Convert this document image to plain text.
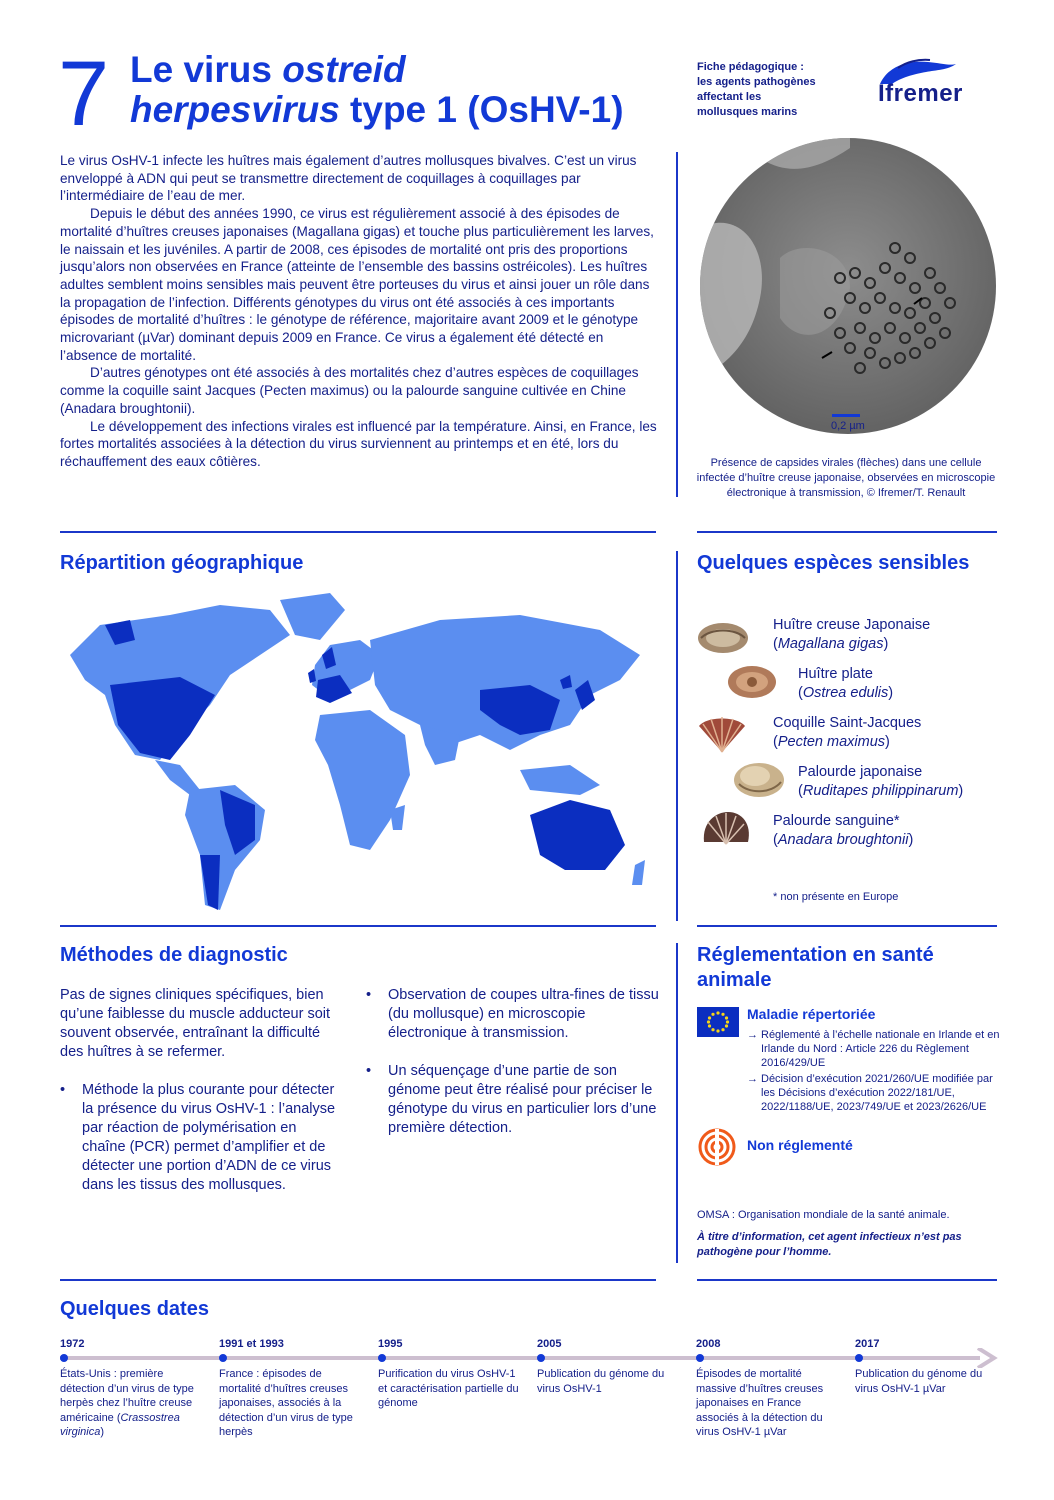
7 Le virus ostreid
herpesvirus type 1 (OsHV-1)
Fiche pédagogique :
les agents pathogènes
affectant les
mollusques marins
Ifremer

Le virus OsHV-1 infecte les huîtres mais également d’autres mollusques bivalves. C’est un virus enveloppé à ADN qui peut se transmettre directement de coquillages à coquillages par l’intermédiaire de l’eau de mer.

Depuis le début des années 1990, ce virus est régulièrement associé à des épisodes de mortalité d’huîtres creuses japonaises (Magallana gigas) et touche plus particulièrement les larves, le naissain et les juvéniles. A partir de 2008, ces épisodes de mortalité ont pris des proportions jusqu’alors non observées en France (atteinte de l’ensemble des bassins ostréicoles). Les huîtres adultes semblent moins sensibles mais peuvent être porteuses du virus et ainsi jouer un rôle dans la propagation de l’infection. Différents génotypes du virus ont été associés à ces importants épisodes de mortalité d’huîtres : le génotype de référence, majoritaire avant 2009 et le génotype microvariant (µVar) dominant depuis 2009 en France. Ce virus a également été détecté en l’absence de mortalité.

D’autres génotypes ont été associés à des mortalités chez d’autres espèces de coquillages comme la coquille saint Jacques (Pecten maximus) ou la palourde sanguine cultivée en Chine (Anadara broughtonii).

Le développement des infections virales est influencé par la température. Ainsi, en France, les fortes mortalités associées à la détection du virus surviennent au printemps et en été, lors du réchauffement des eaux côtières.

0,2 µm
Présence de capsides virales (flèches) dans une cellule infectée d’huître creuse japonaise, observées en microscopie électronique à transmission, © Ifremer/T. Renault
Répartition géographique	Quelques espèces sensibles
Huître creuse Japonaise
(Magallana gigas)
Huître plate
(Ostrea edulis)
Coquille Saint-Jacques
(Pecten maximus)
Palourde japonaise
(Ruditapes philippinarum)
Palourde sanguine*
(Anadara broughtonii)
* non présente en Europe
Méthodes de diagnostic

Pas de signes cliniques spécifiques, bien qu’une faiblesse du muscle adducteur soit souvent observée, entraînant la difficulté des huîtres à se refermer.

• Méthode la plus courante pour détecter la présence du virus OsHV-1 : l’analyse par réaction de polymérisation en chaîne (PCR) permet d’amplifier et de détecter une portion d’ADN de ce virus dans les tissus des mollusques.
• Observation de coupes ultra-fines de tissu (du mollusque) en microscopie électronique à transmission.
• Un séquençage d’une partie de son génome peut être réalisé pour préciser le génotype du virus en particulier lors d’une première détection.
Réglementation en santé animale
Maladie répertoriée
→ Réglementé à l’échelle nationale en Irlande et en Irlande du Nord : Article 226 du Règlement 2016/429/UE
→ Décision d’exécution 2021/260/UE modifiée par les Décisions d’exécution 2022/181/UE, 2022/1188/UE, 2023/749/UE et 2023/2626/UE
Non réglementé
OMSA : Organisation mondiale de la santé animale.
À titre d’information, cet agent infectieux n’est pas pathogène pour l’homme.
Quelques dates
1972
États-Unis : première détection d’un virus de type herpès chez l’huître creuse américaine (Crassostrea virginica)
1991 et 1993
France : épisodes de mortalité d’huîtres creuses japonaises, associés à la détection d’un virus de type herpès
1995
Purification du virus OsHV-1 et caractérisation partielle du génome
2005
Publication du génome du virus OsHV-1
2008
Épisodes de mortalité massive d’huîtres creuses japonaises en France associés à la détection du virus OsHV-1 µVar
2017
Publication du génome du virus OsHV-1 µVar
